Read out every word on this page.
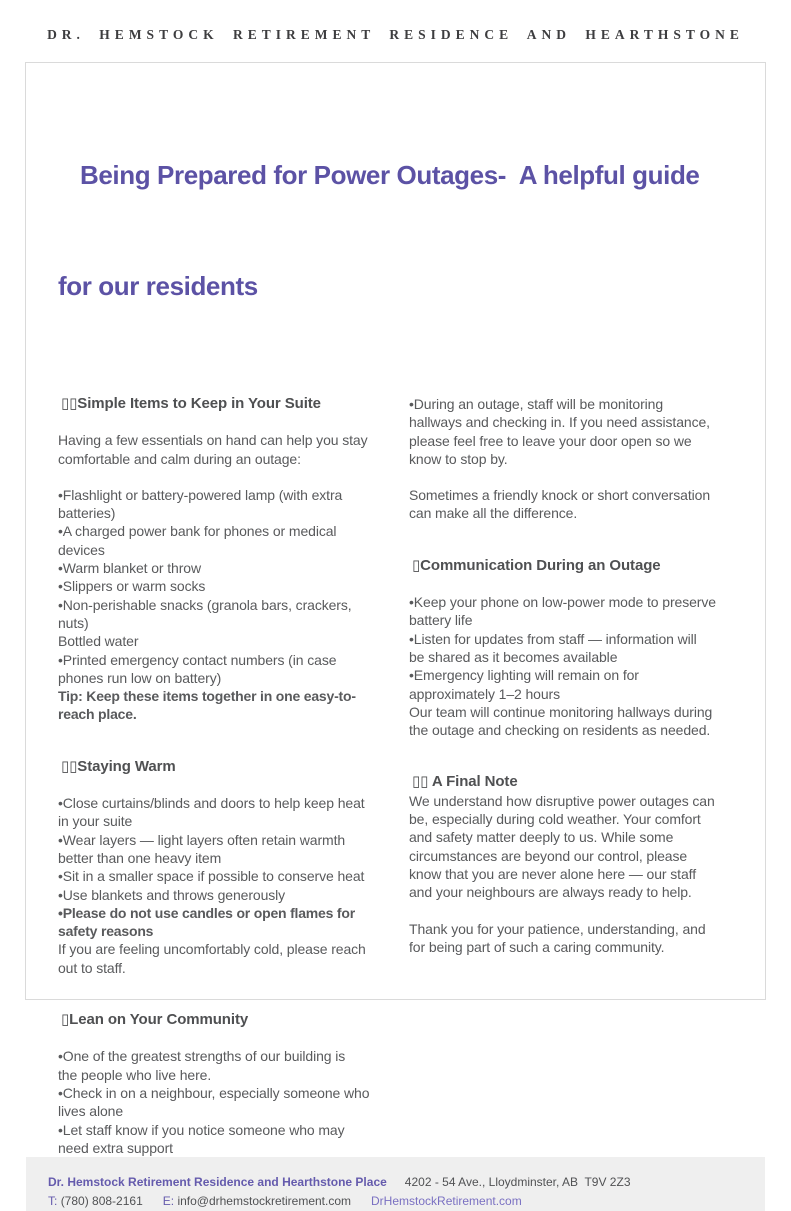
DR. HEMSTOCK RETIREMENT RESIDENCE AND HEARTHSTONE

Being Prepared for Power Outages-  A helpful guide

for our residents

▯▯Simple Items to Keep in Your Suite

Having a few essentials on hand can help you stay

comfortable and calm during an outage:

•Flashlight or battery-powered lamp (with extra

batteries)

•A charged power bank for phones or medical

devices

•Warm blanket or throw

•Slippers or warm socks

•Non-perishable snacks (granola bars, crackers,

nuts)

Bottled water

•Printed emergency contact numbers (in case

phones run low on battery)

Tip: Keep these items together in one easy-to-

reach place.

▯▯Staying Warm

•Close curtains/blinds and doors to help keep heat

in your suite

•Wear layers — light layers often retain warmth

better than one heavy item

•Sit in a smaller space if possible to conserve heat

•Use blankets and throws generously

•Please do not use candles or open flames for

safety reasons

If you are feeling uncomfortably cold, please reach

out to staff.

▯Lean on Your Community

•One of the greatest strengths of our building is

the people who live here.

•Check in on a neighbour, especially someone who

lives alone

•Let staff know if you notice someone who may

need extra support

•During an outage, staff will be monitoring

hallways and checking in. If you need assistance,

please feel free to leave your door open so we

know to stop by.

Sometimes a friendly knock or short conversation

can make all the difference.

▯Communication During an Outage

•Keep your phone on low-power mode to preserve

battery life

•Listen for updates from staff — information will

be shared as it becomes available

•Emergency lighting will remain on for

approximately 1–2 hours

Our team will continue monitoring hallways during

the outage and checking on residents as needed.

▯▯ A Final Note

We understand how disruptive power outages can

be, especially during cold weather. Your comfort

and safety matter deeply to us. While some

circumstances are beyond our control, please

know that you are never alone here — our staff

and your neighbours are always ready to help.

Thank you for your patience, understanding, and

for being part of such a caring community.

Dr. Hemstock Retirement Residence and Hearthstone Place 4202 - 54 Ave., Lloydminster, AB  T9V 2Z3
T: (780) 808-2161 E: info@drhemstockretirement.com DrHemstockRetirement.com
